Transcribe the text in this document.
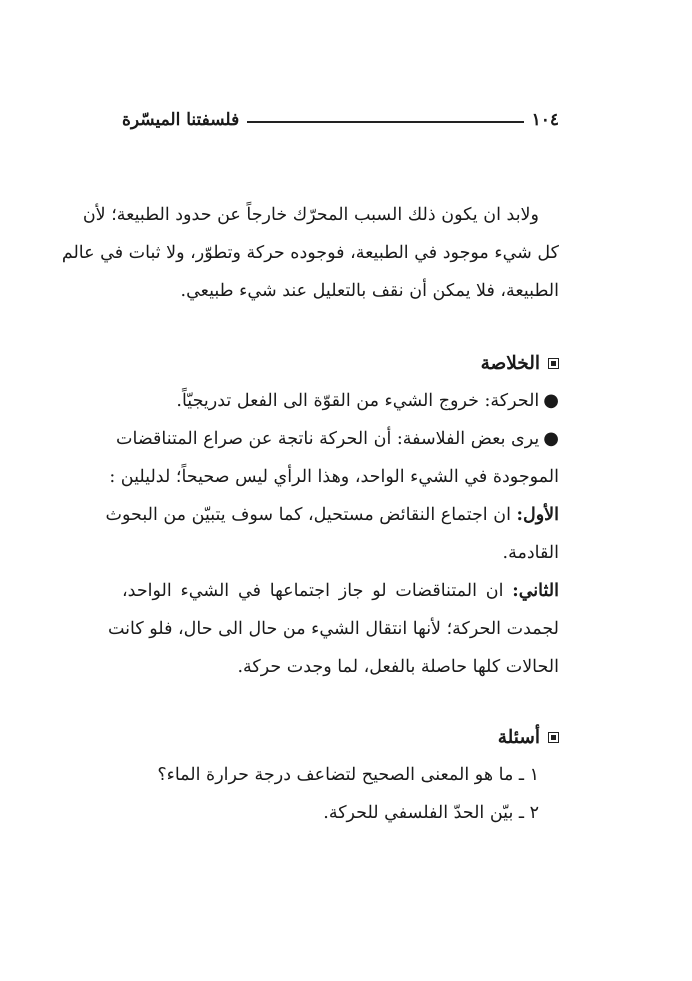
١٠٤
فلسفتنا الميسّرة
ولابد ان يكون ذلك السبب المحرّك خارجاً عن حدود الطبيعة؛ لأن
كل شيء موجود في الطبيعة، فوجوده حركة وتطوّر، ولا ثبات في عالم
الطبيعة، فلا يمكن أن نقف بالتعليل عند شيء طبيعي.
الخلاصة
●الحركة: خروج الشيء من القوّة الى الفعل تدريجيّاً.
●يرى بعض الفلاسفة: أن الحركة ناتجة عن صراع المتناقضات
الموجودة في الشيء الواحد، وهذا الرأي ليس صحيحاً؛ لدليلين :
الأول: ان اجتماع النقائض مستحيل، كما سوف يتبيّن من البحوث
القادمة.
الثاني: ان المتناقضات لو جاز اجتماعها في الشيء الواحد،
لجمدت الحركة؛ لأنها انتقال الشيء من حال الى حال، فلو كانت
الحالات كلها حاصلة بالفعل، لما وجدت حركة.
أسئلة
١ ـ ما هو المعنى الصحيح لتضاعف درجة حرارة الماء؟
٢ ـ بيّن الحدّ الفلسفي للحركة.
